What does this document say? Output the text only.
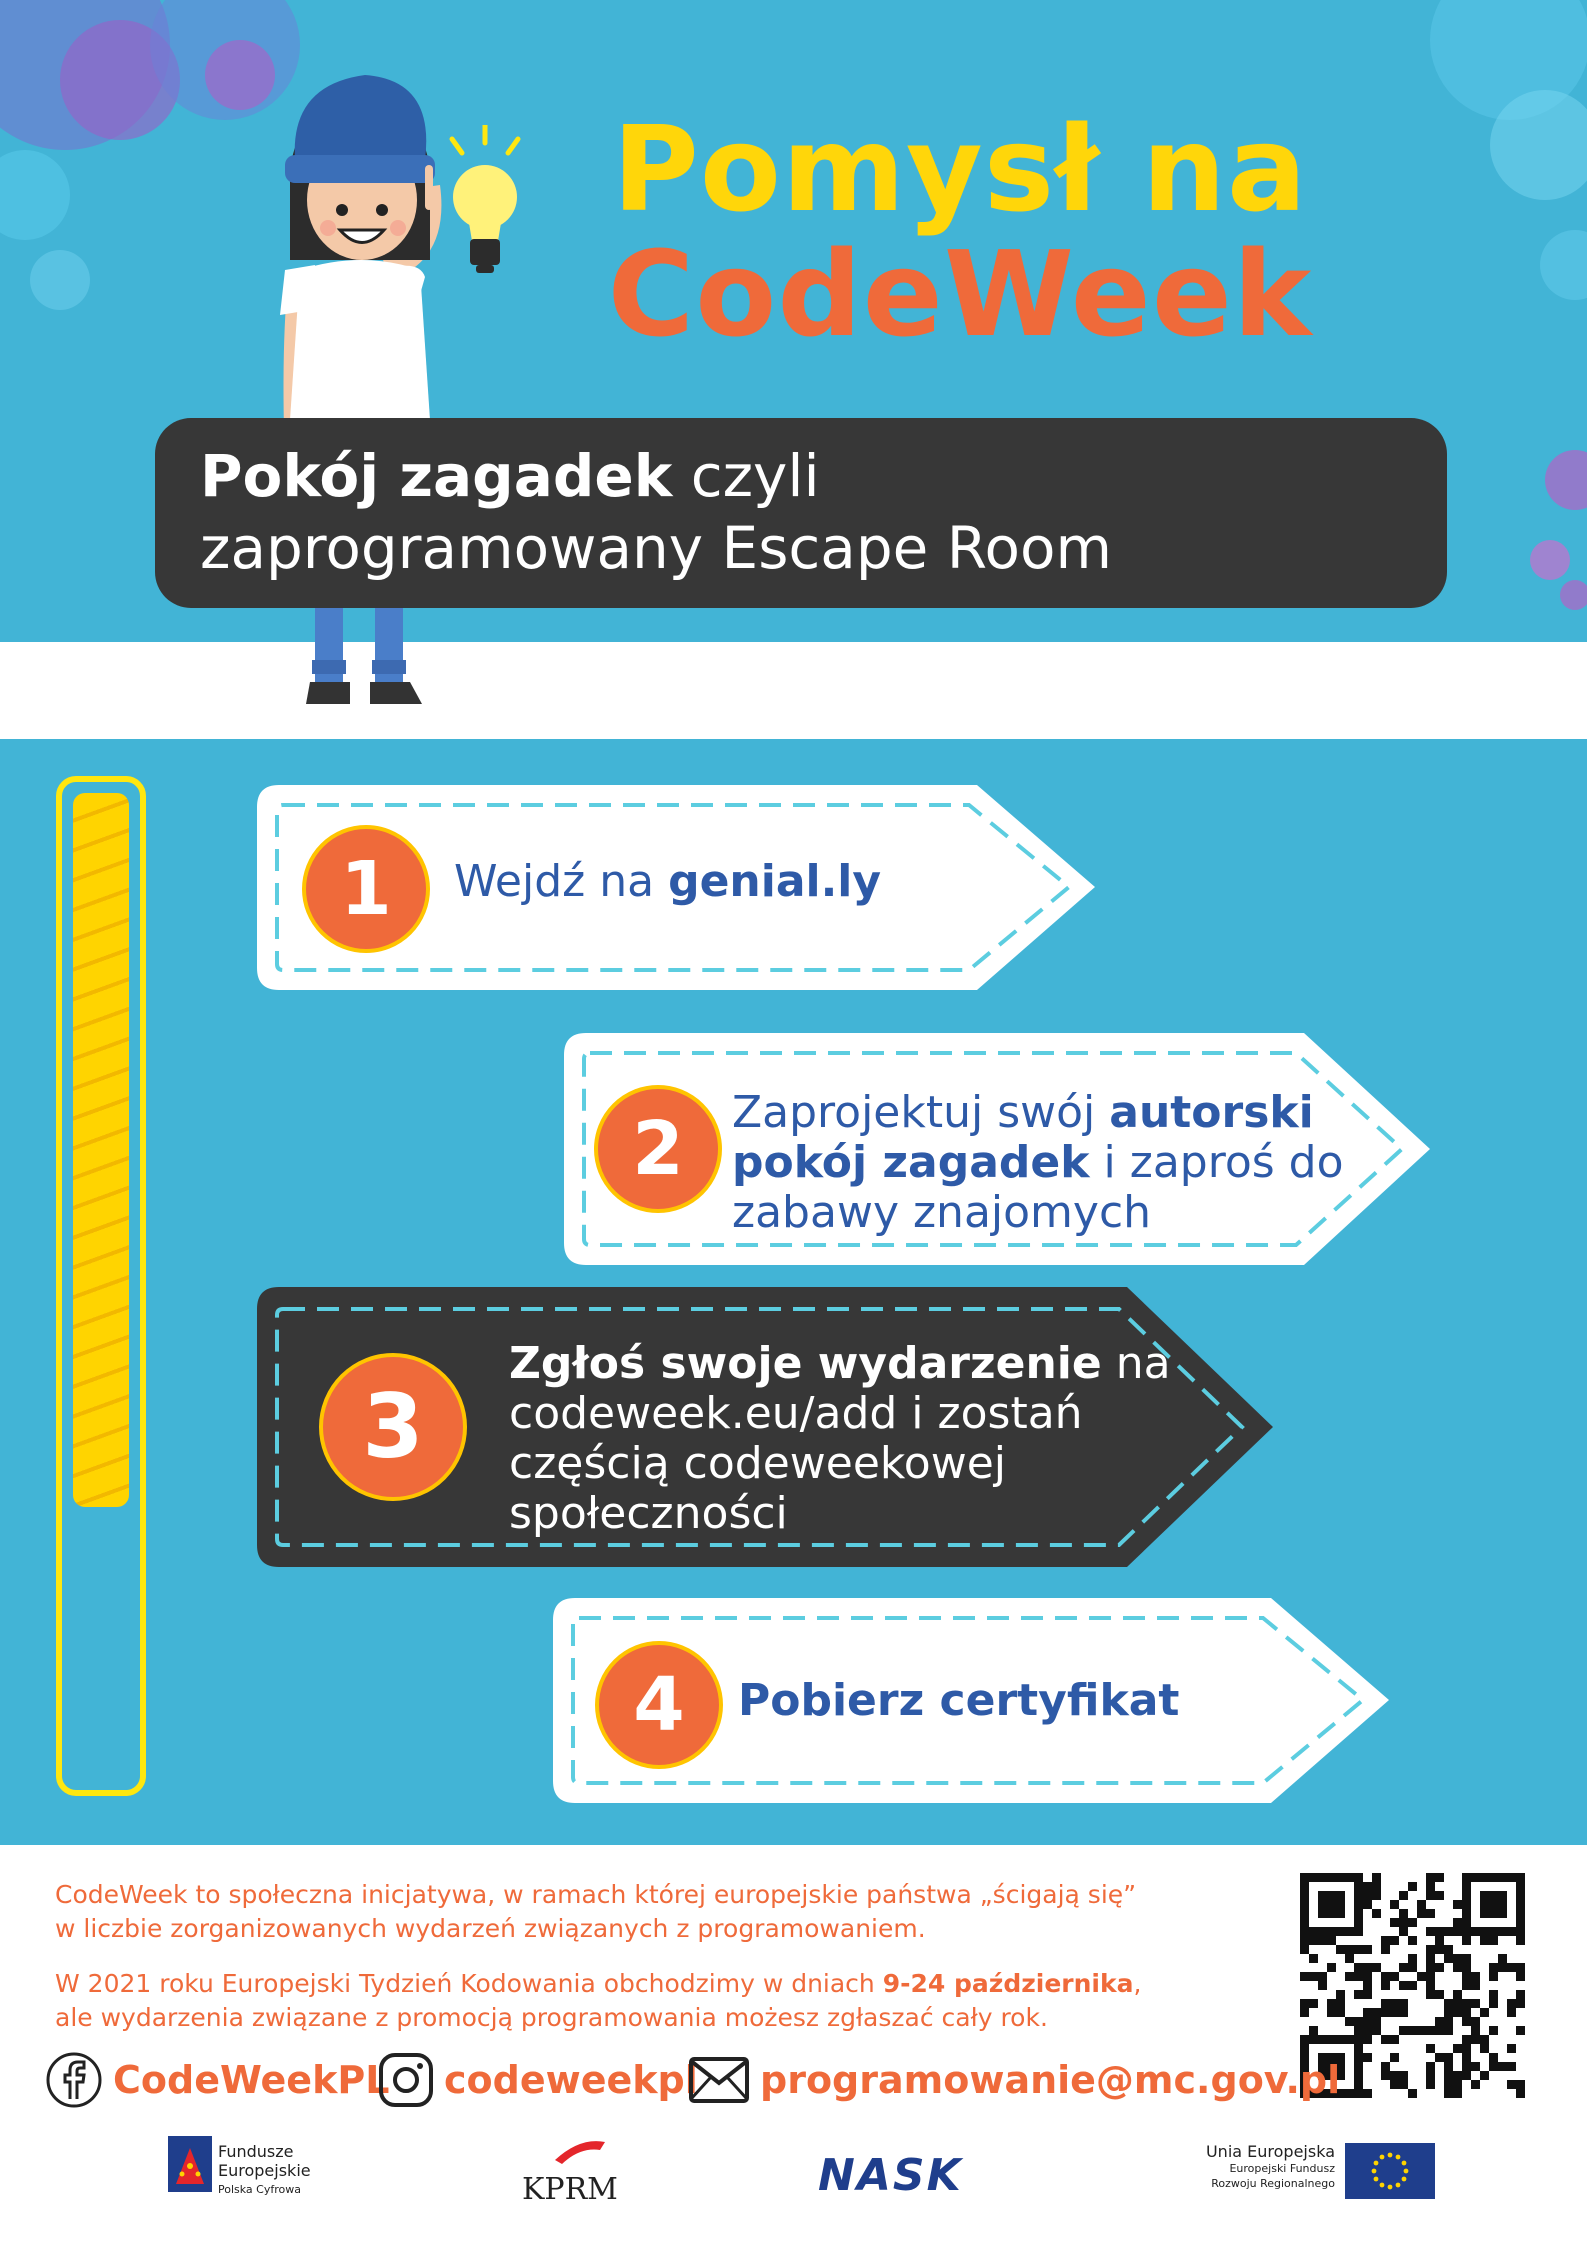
Pomysł na
CodeWeek
Pokój zagadek czyli
zaprogramowany Escape Room
1	Wejdź na genial.ly
2	Zaprojektuj swój autorski
pokój zagadek i zaproś do
zabawy znajomych
3
Zgłoś swoje wydarzenie na
codeweek.eu/add i zostań
częścią codeweekowej
społeczności
4	Pobierz certyfikat
CodeWeek to społeczna inicjatywa, w ramach której europejskie państwa „ścigają się”
w liczbie zorganizowanych wydarzeń związanych z programowaniem.
W 2021 roku Europejski Tydzień Kodowania obchodzimy w dniach 9-24 października,
ale wydarzenia związane z promocją programowania możesz zgłaszać cały rok.
CodeWeekPL codeweekpl programowanie@mc.gov.pl
Fundusze
Europejskie
Polska Cyfrowa	KPRM	NASK	Unia Europejska
Europejski Fundusz
Rozwoju Regionalnego
